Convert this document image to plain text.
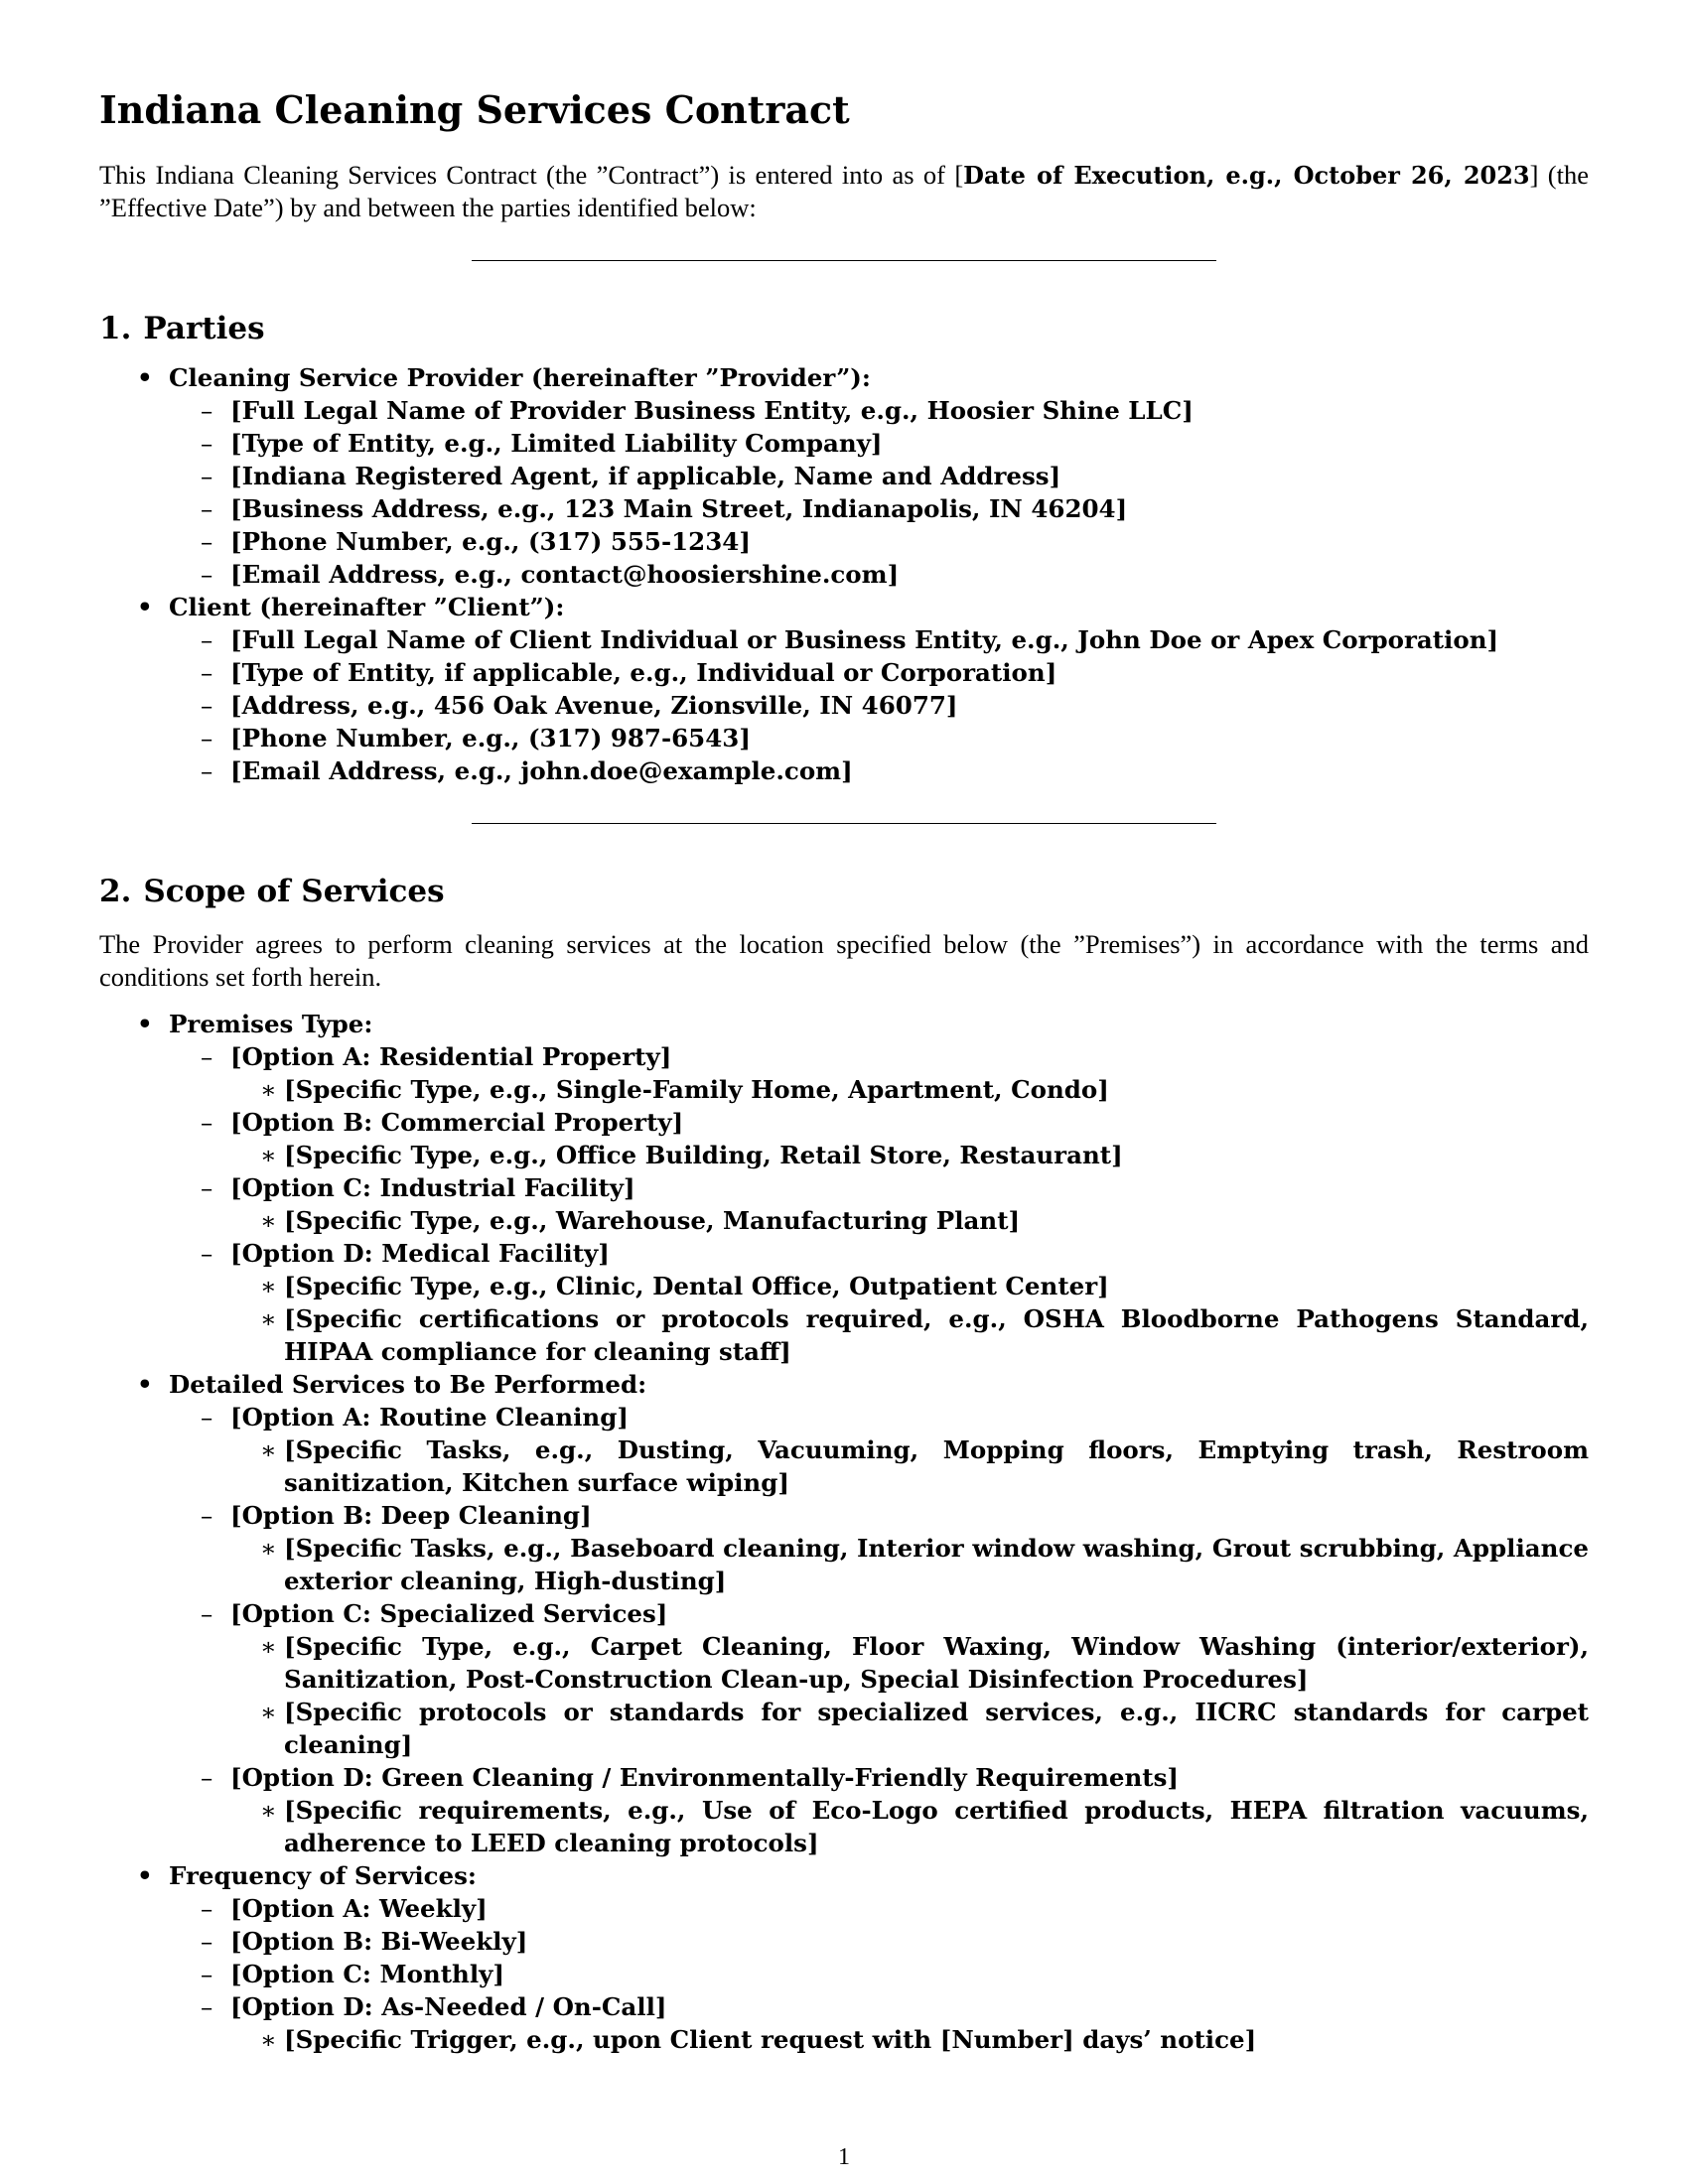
Indiana Cleaning Services Contract

This Indiana Cleaning Services Contract (the ”Contract”) is entered into as of [Date of Execution, e.g., October 26, 2023] (the ”Effective Date”) by and between the parties identified below:

1. Parties
• Cleaning Service Provider (hereinafter ”Provider”):
– [Full Legal Name of Provider Business Entity, e.g., Hoosier Shine LLC]
– [Type of Entity, e.g., Limited Liability Company]
– [Indiana Registered Agent, if applicable, Name and Address]
– [Business Address, e.g., 123 Main Street, Indianapolis, IN 46204]
– [Phone Number, e.g., (317) 555-1234]
– [Email Address, e.g., contact@hoosiershine.com]
• Client (hereinafter ”Client”):
– [Full Legal Name of Client Individual or Business Entity, e.g., John Doe or Apex Corporation]
– [Type of Entity, if applicable, e.g., Individual or Corporation]
– [Address, e.g., 456 Oak Avenue, Zionsville, IN 46077]
– [Phone Number, e.g., (317) 987-6543]
– [Email Address, e.g., john.doe@example.com]
2. Scope of Services

The Provider agrees to perform cleaning services at the location specified below (the ”Premises”) in accordance with the terms and conditions set forth herein.

• Premises Type:
– [Option A: Residential Property]
∗ [Specific Type, e.g., Single-Family Home, Apartment, Condo]
– [Option B: Commercial Property]
∗ [Specific Type, e.g., Office Building, Retail Store, Restaurant]
– [Option C: Industrial Facility]
∗ [Specific Type, e.g., Warehouse, Manufacturing Plant]
– [Option D: Medical Facility]
∗ [Specific Type, e.g., Clinic, Dental Office, Outpatient Center]
∗ [Specific certifications or protocols required, e.g., OSHA Bloodborne Pathogens Standard, HIPAA compliance for cleaning staff]
• Detailed Services to Be Performed:
– [Option A: Routine Cleaning]
∗ [Specific Tasks, e.g., Dusting, Vacuuming, Mopping floors, Emptying trash, Restroom sanitization, Kitchen surface wiping]
– [Option B: Deep Cleaning]
∗ [Specific Tasks, e.g., Baseboard cleaning, Interior window washing, Grout scrubbing, Appliance exterior cleaning, High-dusting]
– [Option C: Specialized Services]
∗ [Specific Type, e.g., Carpet Cleaning, Floor Waxing, Window Washing (interior/exterior), Sanitization, Post-Construction Clean-up, Special Disinfection Procedures]
∗ [Specific protocols or standards for specialized services, e.g., IICRC standards for carpet cleaning]
– [Option D: Green Cleaning / Environmentally-Friendly Requirements]
∗ [Specific requirements, e.g., Use of Eco-Logo certified products, HEPA filtration vacuums, adherence to LEED cleaning protocols]
• Frequency of Services:
– [Option A: Weekly]
– [Option B: Bi-Weekly]
– [Option C: Monthly]
– [Option D: As-Needed / On-Call]
∗ [Specific Trigger, e.g., upon Client request with [Number] days’ notice]
1
